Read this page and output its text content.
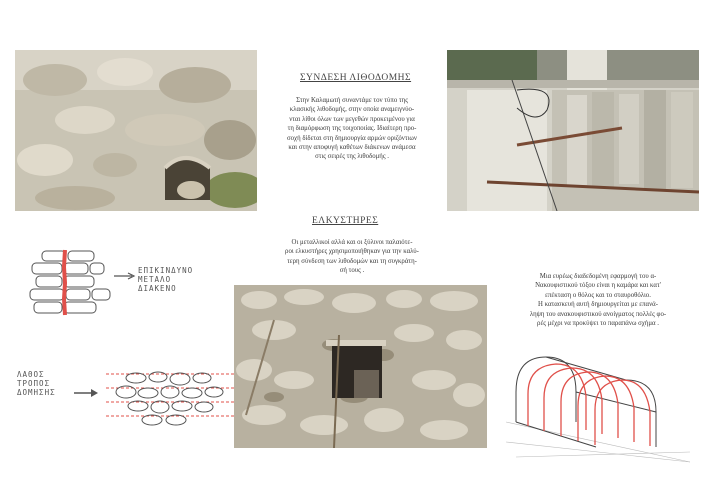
ΣΥΝΔΕΣΗ ΛΙΘΟΔΟΜΗΣ
Στην Καλαμωτή συναντάμε τον τύπο της
κλασικής λιθοδομής, στην οποία αναμειγνύο-
νται λίθοι όλων των μεγεθών προκειμένου για
τη διαμόρφωση της τοιχοποιίας. Ιδιαίτερη προ-
σοχή δίδεται στη δημιουργία αρμών οριζόντιων
και στην αποφυγή καθέτων διάκενων ανάμεσα
στις σειρές της λιθοδομής .
ΕΛΚΥΣΤΗΡΕΣ
Οι μεταλλικοί αλλά και οι ξύλινοι παλαιότε-
ροι ελκυστήρες χρησιμοποιήθηκαν για την καλύ-
τερη σύνδεση των λιθοδομών και τη συγκράτη-
σή τους .
Μια ευρέως διαδεδομένη εφαρμογή του α-
Νακουφιστικού τόξου είναι η καμάρα και κατ'
επέκταση ο θόλος και το σταυροθόλιο.
Η κατασκευή αυτή δημιουργείται με επανά-
ληψη του ανακουφιστικού ανοίγματος πολλές φο-
ρές μέχρι να προκύψει το παραπάνω σχήμα .
ΕΠΙΚΙΝΔΥΝΟ
ΜΕΤΑΛΟ
ΔΙΑΚΕΝΟ
ΛΑΘΟΣ
ΤΡΟΠΟΣ
ΔΟΜΗΣΗΣ
